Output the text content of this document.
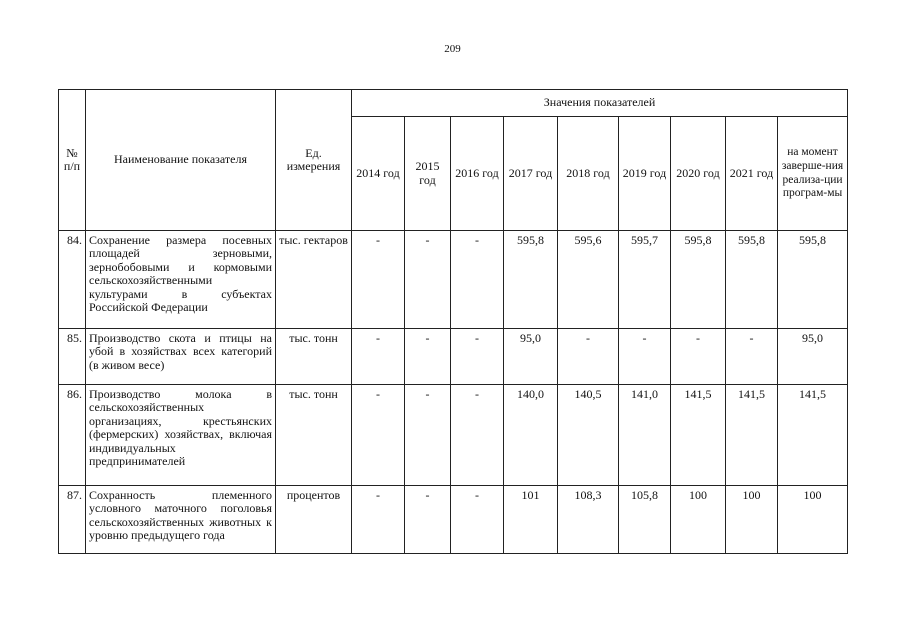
209
№ п/п	Наименование показателя	Ед. измерения	Значения показателей								
			2014 год	2015 год	2016 год	2017 год	2018 год	2019 год	2020 год	2021 год	на момент заверше-ния реализа-ции програм-мы
84.	Сохранение размера посевных площадей зерновыми, зернобобовыми и кормовыми сельскохозяйственными культурами в субъектах Российской Федерации	тыс. гектаров	-	-	-	595,8	595,6	595,7	595,8	595,8	595,8
85.	Производство скота и птицы на убой в хозяйствах всех категорий (в живом весе)	тыс. тонн	-	-	-	95,0	-	-	-	-	95,0
86.	Производство молока в сельскохозяйственных организациях, крестьянских (фермерских) хозяйствах, включая индивидуальных предпринимателей	тыс. тонн	-	-	-	140,0	140,5	141,0	141,5	141,5	141,5
87.	Сохранность племенного условного маточного поголовья сельскохозяйственных животных к уровню предыдущего года	процентов	-	-	-	101	108,3	105,8	100	100	100
